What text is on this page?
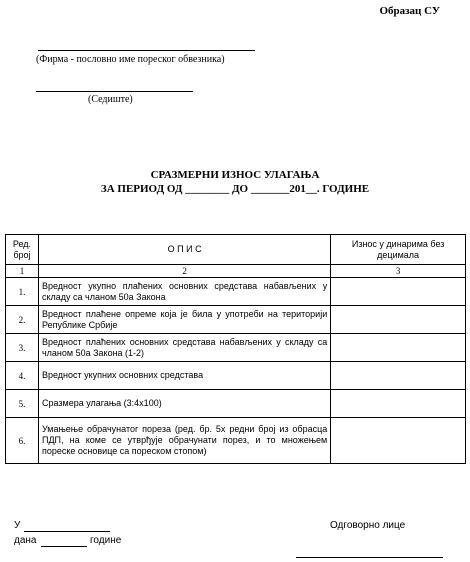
Образац СУ
(Фирма - пословно име пореског обвезника)
(Седиште)
СРАЗМЕРНИ ИЗНОС УЛАГАЊА
ЗА ПЕРИОД ОД ________ ДО _______201__. ГОДИНЕ
Ред. број	О П И С	Износ у динарима без децимала
1	2	3
1.	Вредност укупно плаћених основних средстава набављених у складу са чланом 50а Закона	
2.	Вредност плаћене опреме која је била у употреби на територији Републике Србије	
3.	Вредност плаћених основних средстава набављених у складу са чланом 50а Закона (1-2)	
4.	Вредност укупних основних средстава	
5.	Сразмера улагања (3:4х100)	
6.	Умањење обрачунатог пореза (ред. бр. 5х редни број из обрасца ПДП, на коме се утврђује обрачунати порез, и то множењем пореске основице са пореском стопом)	
У
дана	године
Одговорно лице
